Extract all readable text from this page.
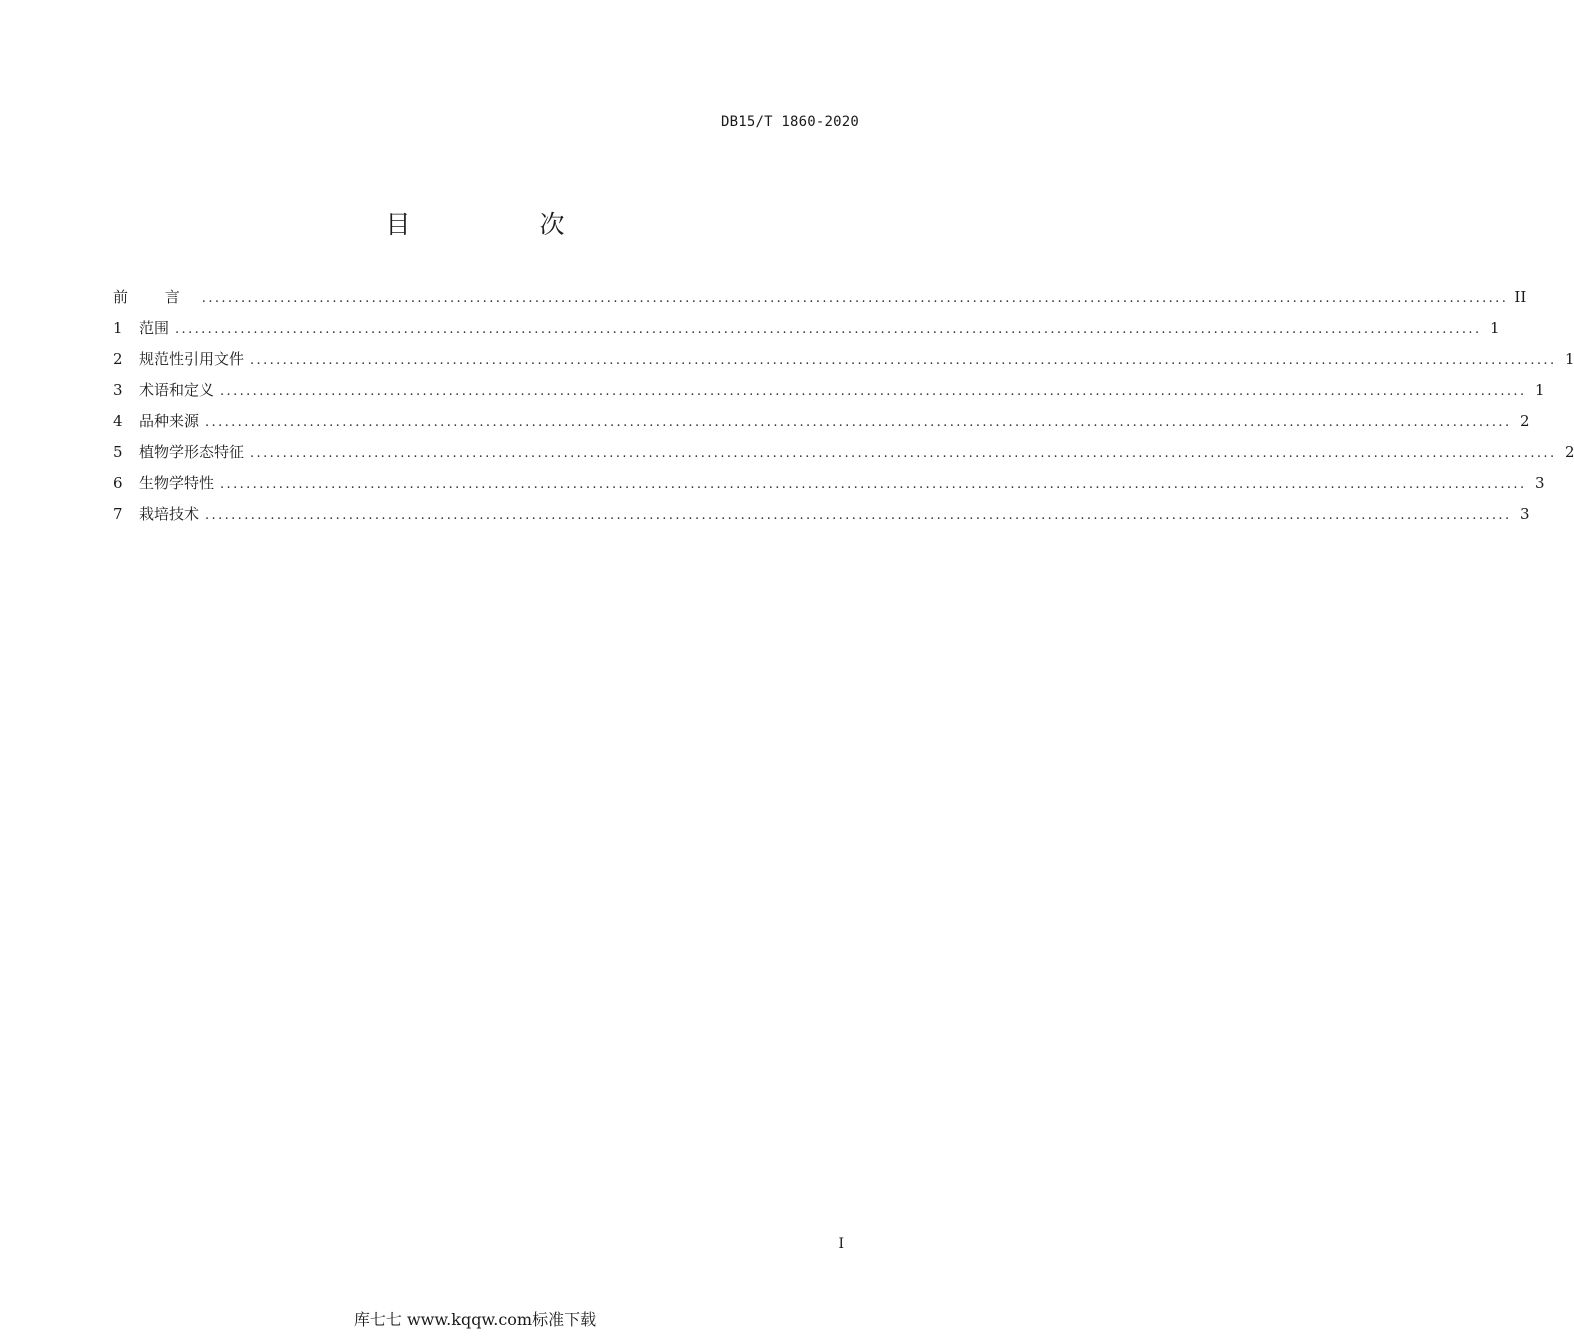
DB15/T 1860-2020
目　次
前 言 ........................................................................................................................................................................................................ II
1	范围 ........................................................................................................................................................................................................ 1
2	规范性引用文件 ........................................................................................................................................................................................................ 1
3	术语和定义 ........................................................................................................................................................................................................ 1
4	品种来源 ........................................................................................................................................................................................................ 2
5	植物学形态特征 ........................................................................................................................................................................................................ 2
6	生物学特性 ........................................................................................................................................................................................................ 3
7	栽培技术 ........................................................................................................................................................................................................ 3
I
库七七 www.kqqw.com标准下载
